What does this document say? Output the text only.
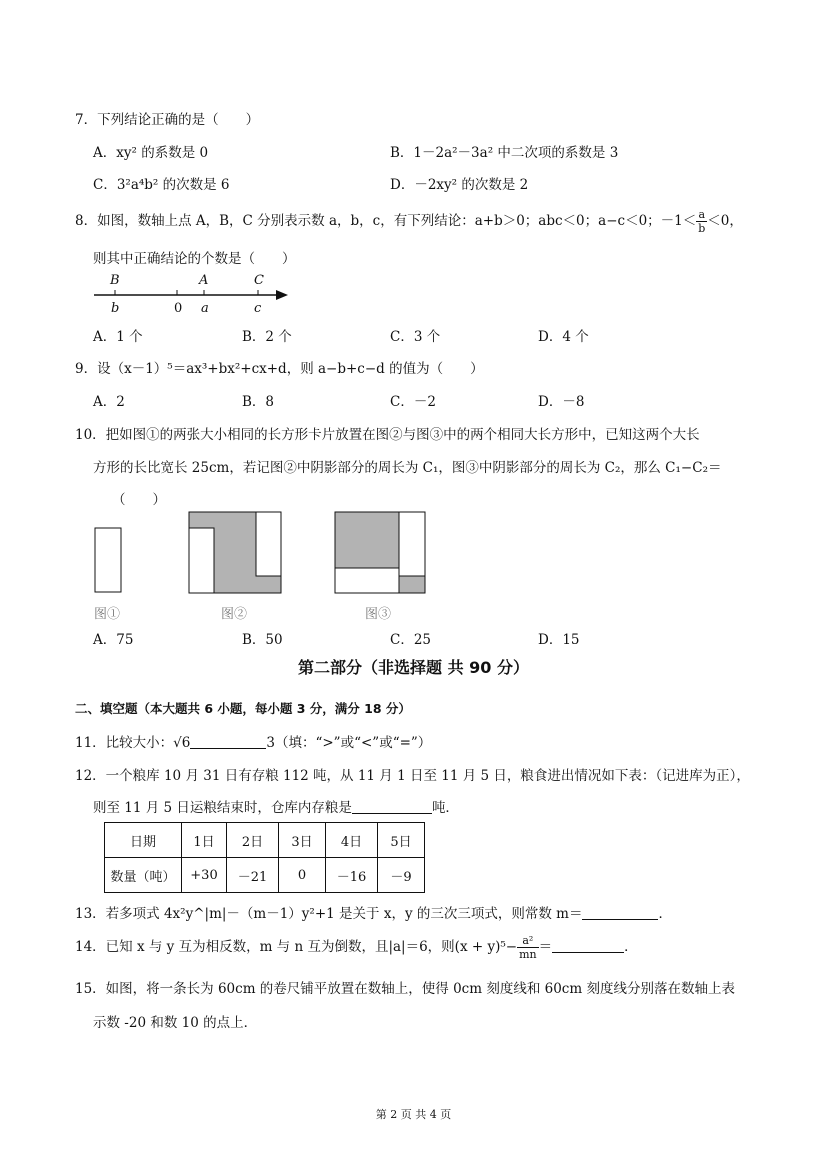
7．下列结论正确的是（　　）
A．xy² 的系数是 0	B．1－2a²－3a² 中二次项的系数是 3
C．3²a⁴b² 的次数是 6	D．－2xy² 的次数是 2
8．如图，数轴上点 A，B，C 分别表示数 a，b，c，有下列结论：a+b＞0；abc＜0；a−c＜0；$-1< \frac{a}{b} <0$，
则其中正确结论的个数是（　　）
B	A	C
b	0 a	c
A．1 个	B．2 个	C．3 个	D．4 个
9．设（x－1）⁵＝ax³+bx²+cx+d，则 a−b+c−d 的值为（　　）
A．2	B．8	C．－2	D．－8
10．把如图①的两张大小相同的长方形卡片放置在图②与图③中的两个相同大长方形中，已知这两个大长
方形的长比宽长 25cm，若记图②中阴影部分的周长为 C₁，图③中阴影部分的周长为 C₂，那么 C₁−C₂＝
（　　）
图①	图②	图③
A．75	B．50	C．25	D．15
第二部分（非选择题 共 90 分）
二、填空题（本大题共 6 小题，每小题 3 分，满分 18 分）
11．比较大小：√6	3（填：“>”或“<”或“=”）
12．一个粮库 10 月 31 日有存粮 112 吨，从 11 月 1 日至 11 月 5 日，粮食进出情况如下表：（记进库为正），
则至 11 月 5 日运粮结束时，仓库内存粮是	吨．
日期	1日	2日	3日	4日	5日
数量（吨）	+30	－21	0	－16	－9
13．若多项式 4x²y^|m|－（m－1）y²+1 是关于 x，y 的三次三项式，则常数 m＝	．
14．已知 x 与 y 互为相反数，m 与 n 互为倒数，且|a|＝6，则$(x + y)^5- \frac{\text{a²}}{mn}$ ＝	．
15．如图，将一条长为 60cm 的卷尺铺平放置在数轴上，使得 0cm 刻度线和 60cm 刻度线分别落在数轴上表
示数 -20 和数 10 的点上．
第 2 页 共 4 页
